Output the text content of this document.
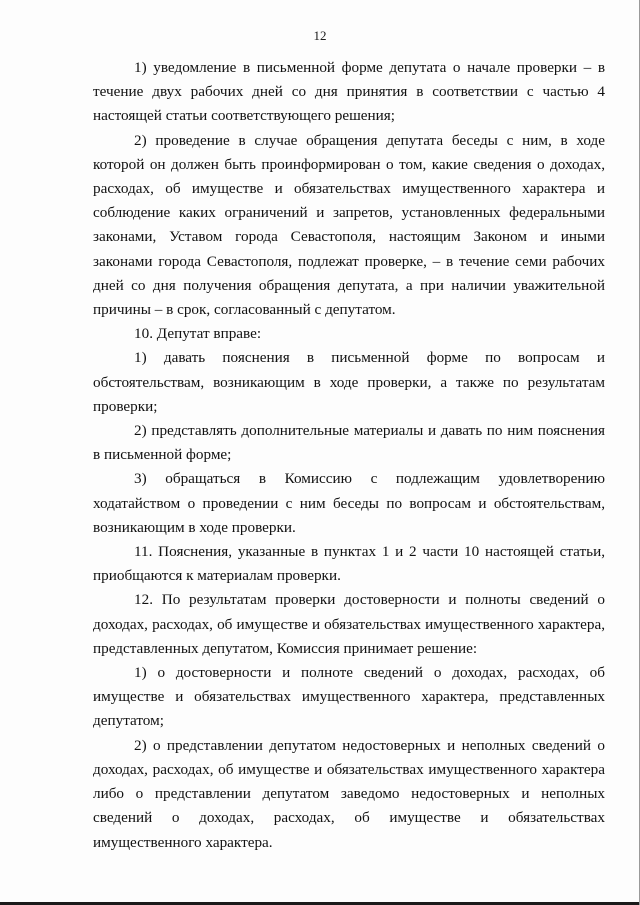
12

1) уведомление в письменной форме депутата о начале проверки – в течение двух рабочих дней со дня принятия в соответствии с частью 4 настоящей статьи соответствующего решения;

2) проведение в случае обращения депутата беседы с ним, в ходе которой он должен быть проинформирован о том, какие сведения о доходах, расходах, об имуществе и обязательствах имущественного характера и соблюдение каких ограничений и запретов, установленных федеральными законами, Уставом города Севастополя, настоящим Законом и иными законами города Севастополя, подлежат проверке, – в течение семи рабочих дней со дня получения обращения депутата, а при наличии уважительной причины – в срок, согласованный с депутатом.

10. Депутат вправе:

1) давать пояснения в письменной форме по вопросам и обстоятельствам, возникающим в ходе проверки, а также по результатам проверки;

2) представлять дополнительные материалы и давать по ним пояснения в письменной форме;

3) обращаться в Комиссию с подлежащим удовлетворению ходатайством о проведении с ним беседы по вопросам и обстоятельствам, возникающим в ходе проверки.

11. Пояснения, указанные в пунктах 1 и 2 части 10 настоящей статьи, приобщаются к материалам проверки.

12. По результатам проверки достоверности и полноты сведений о доходах, расходах, об имуществе и обязательствах имущественного характера, представленных депутатом, Комиссия принимает решение:

1) о достоверности и полноте сведений о доходах, расходах, об имуществе и обязательствах имущественного характера, представленных депутатом;

2) о представлении депутатом недостоверных и неполных сведений о доходах, расходах, об имуществе и обязательствах имущественного характера либо о представлении депутатом заведомо недостоверных и неполных сведений о доходах, расходах, об имуществе и обязательствах имущественного характера.
